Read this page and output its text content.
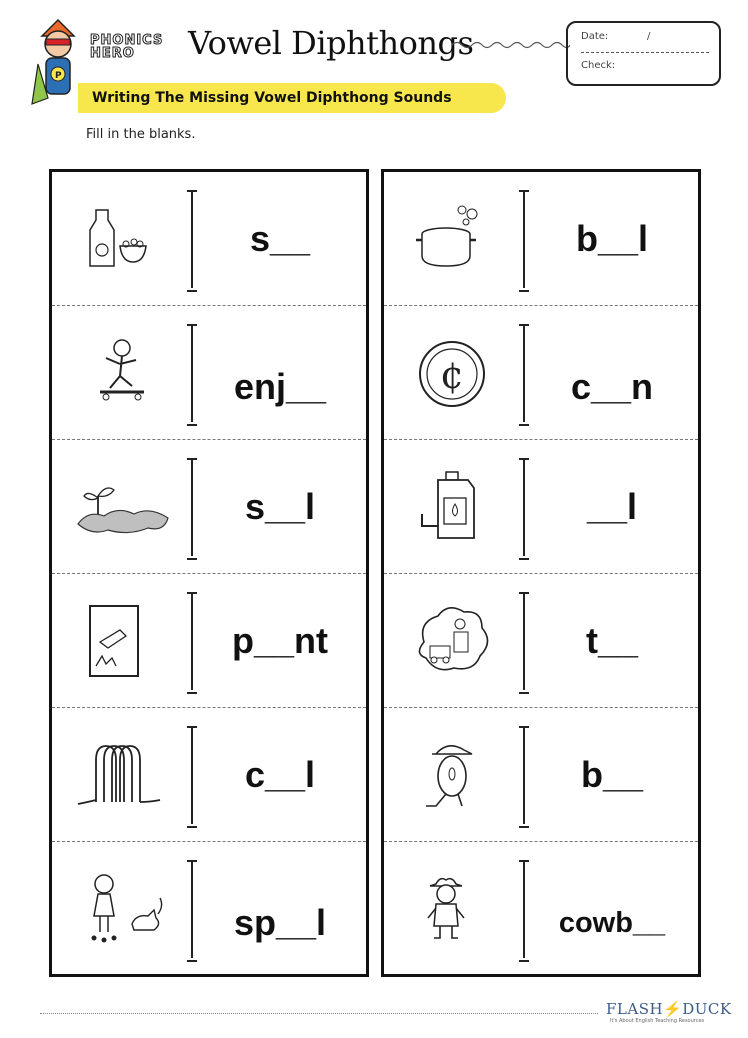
P
PHONICS
HERO	Vowel Diphthongs	Date:	/
Check:
Writing The Missing Vowel Diphthong Sounds
Fill in the blanks.
s__
enj__
s__l
p__nt
c__l
sp__l
b__l
¢	c__n
__l
t__
b__
cowb__
FLASH⚡DUCK
It's About English Teaching Resources
